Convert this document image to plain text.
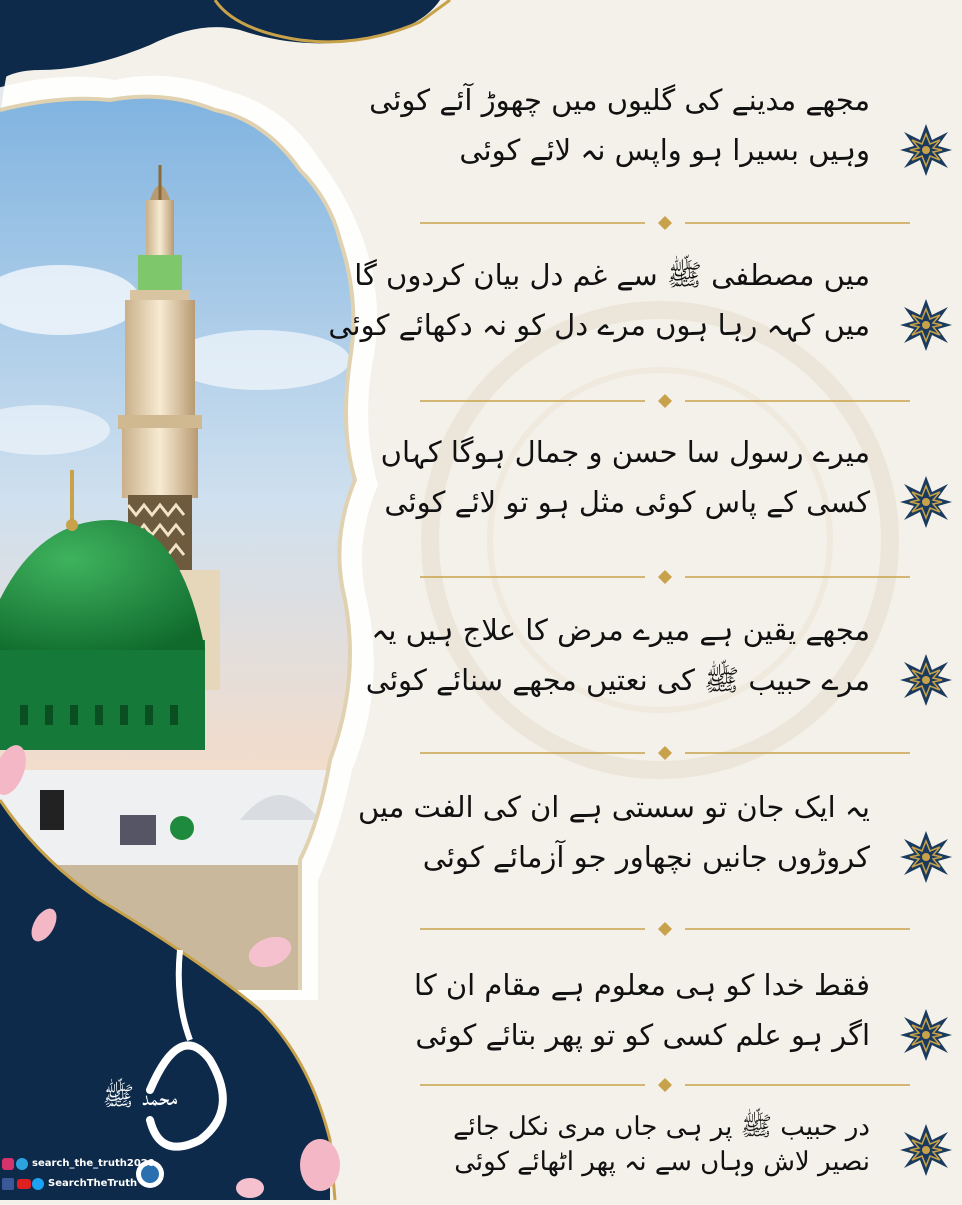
مجھے مدینے کی گلیوں میں چھوڑ آئے کوئی
وہیں بسیرا ہو واپس نہ لائے کوئی
میں مصطفی ﷺ سے غم دل بیان کردوں گا
میں کہہ رہا ہوں مرے دل کو نہ دکھائے کوئی
میرے رسول سا حسن و جمال ہوگا کہاں
کسی کے پاس کوئی مثل ہو تو لائے کوئی
مجھے یقین ہے میرے مرض کا علاج ہیں یہ
مرے حبیب ﷺ کی نعتیں مجھے سنائے کوئی
یہ ایک جان تو سستی ہے ان کی الفت میں
کروڑوں جانیں نچھاور جو آزمائے کوئی
فقط خدا کو ہی معلوم ہے مقام ان کا
اگر ہو علم کسی کو تو پھر بتائے کوئی
در حبیب ﷺ پر ہی جاں مری نکل جائے
نصیر لاش وہاں سے نہ پھر اٹھائے کوئی
محمد ﷺ
search_the_truth2020
SearchTheTruth
